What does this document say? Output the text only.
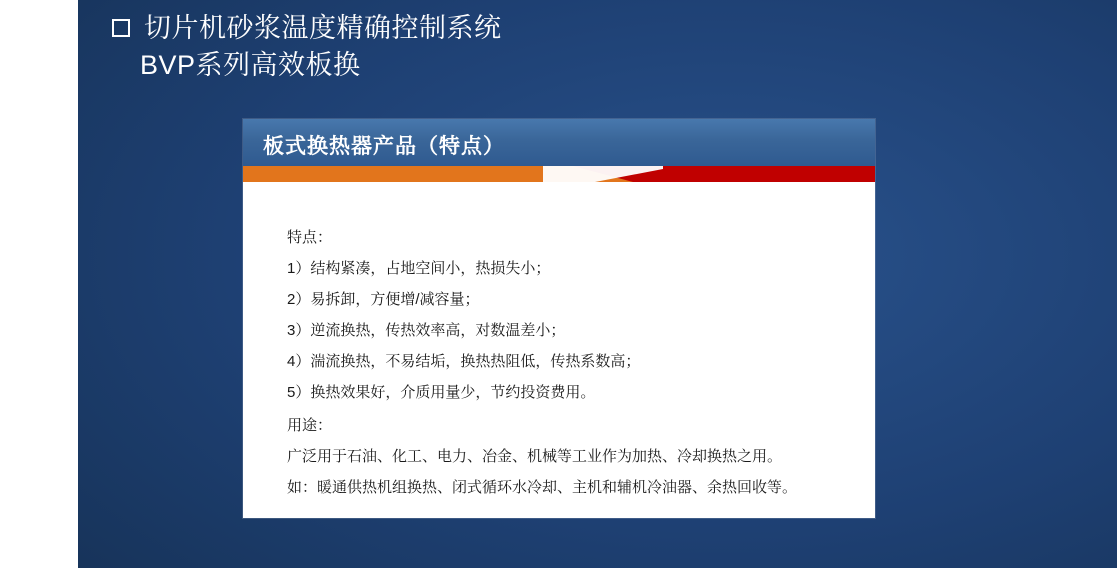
切片机砂浆温度精确控制系统
BVP系列高效板换
板式换热器产品（特点）
特点：
1）结构紧凑，占地空间小，热损失小；
2）易拆卸，方便增/减容量；
3）逆流换热，传热效率高，对数温差小；
4）湍流换热，不易结垢，换热热阻低，传热系数高；
5）换热效果好，介质用量少，节约投资费用。
用途：
广泛用于石油、化工、电力、冶金、机械等工业作为加热、冷却换热之用。
如：暖通供热机组换热、闭式循环水冷却、主机和辅机冷油器、余热回收等。
